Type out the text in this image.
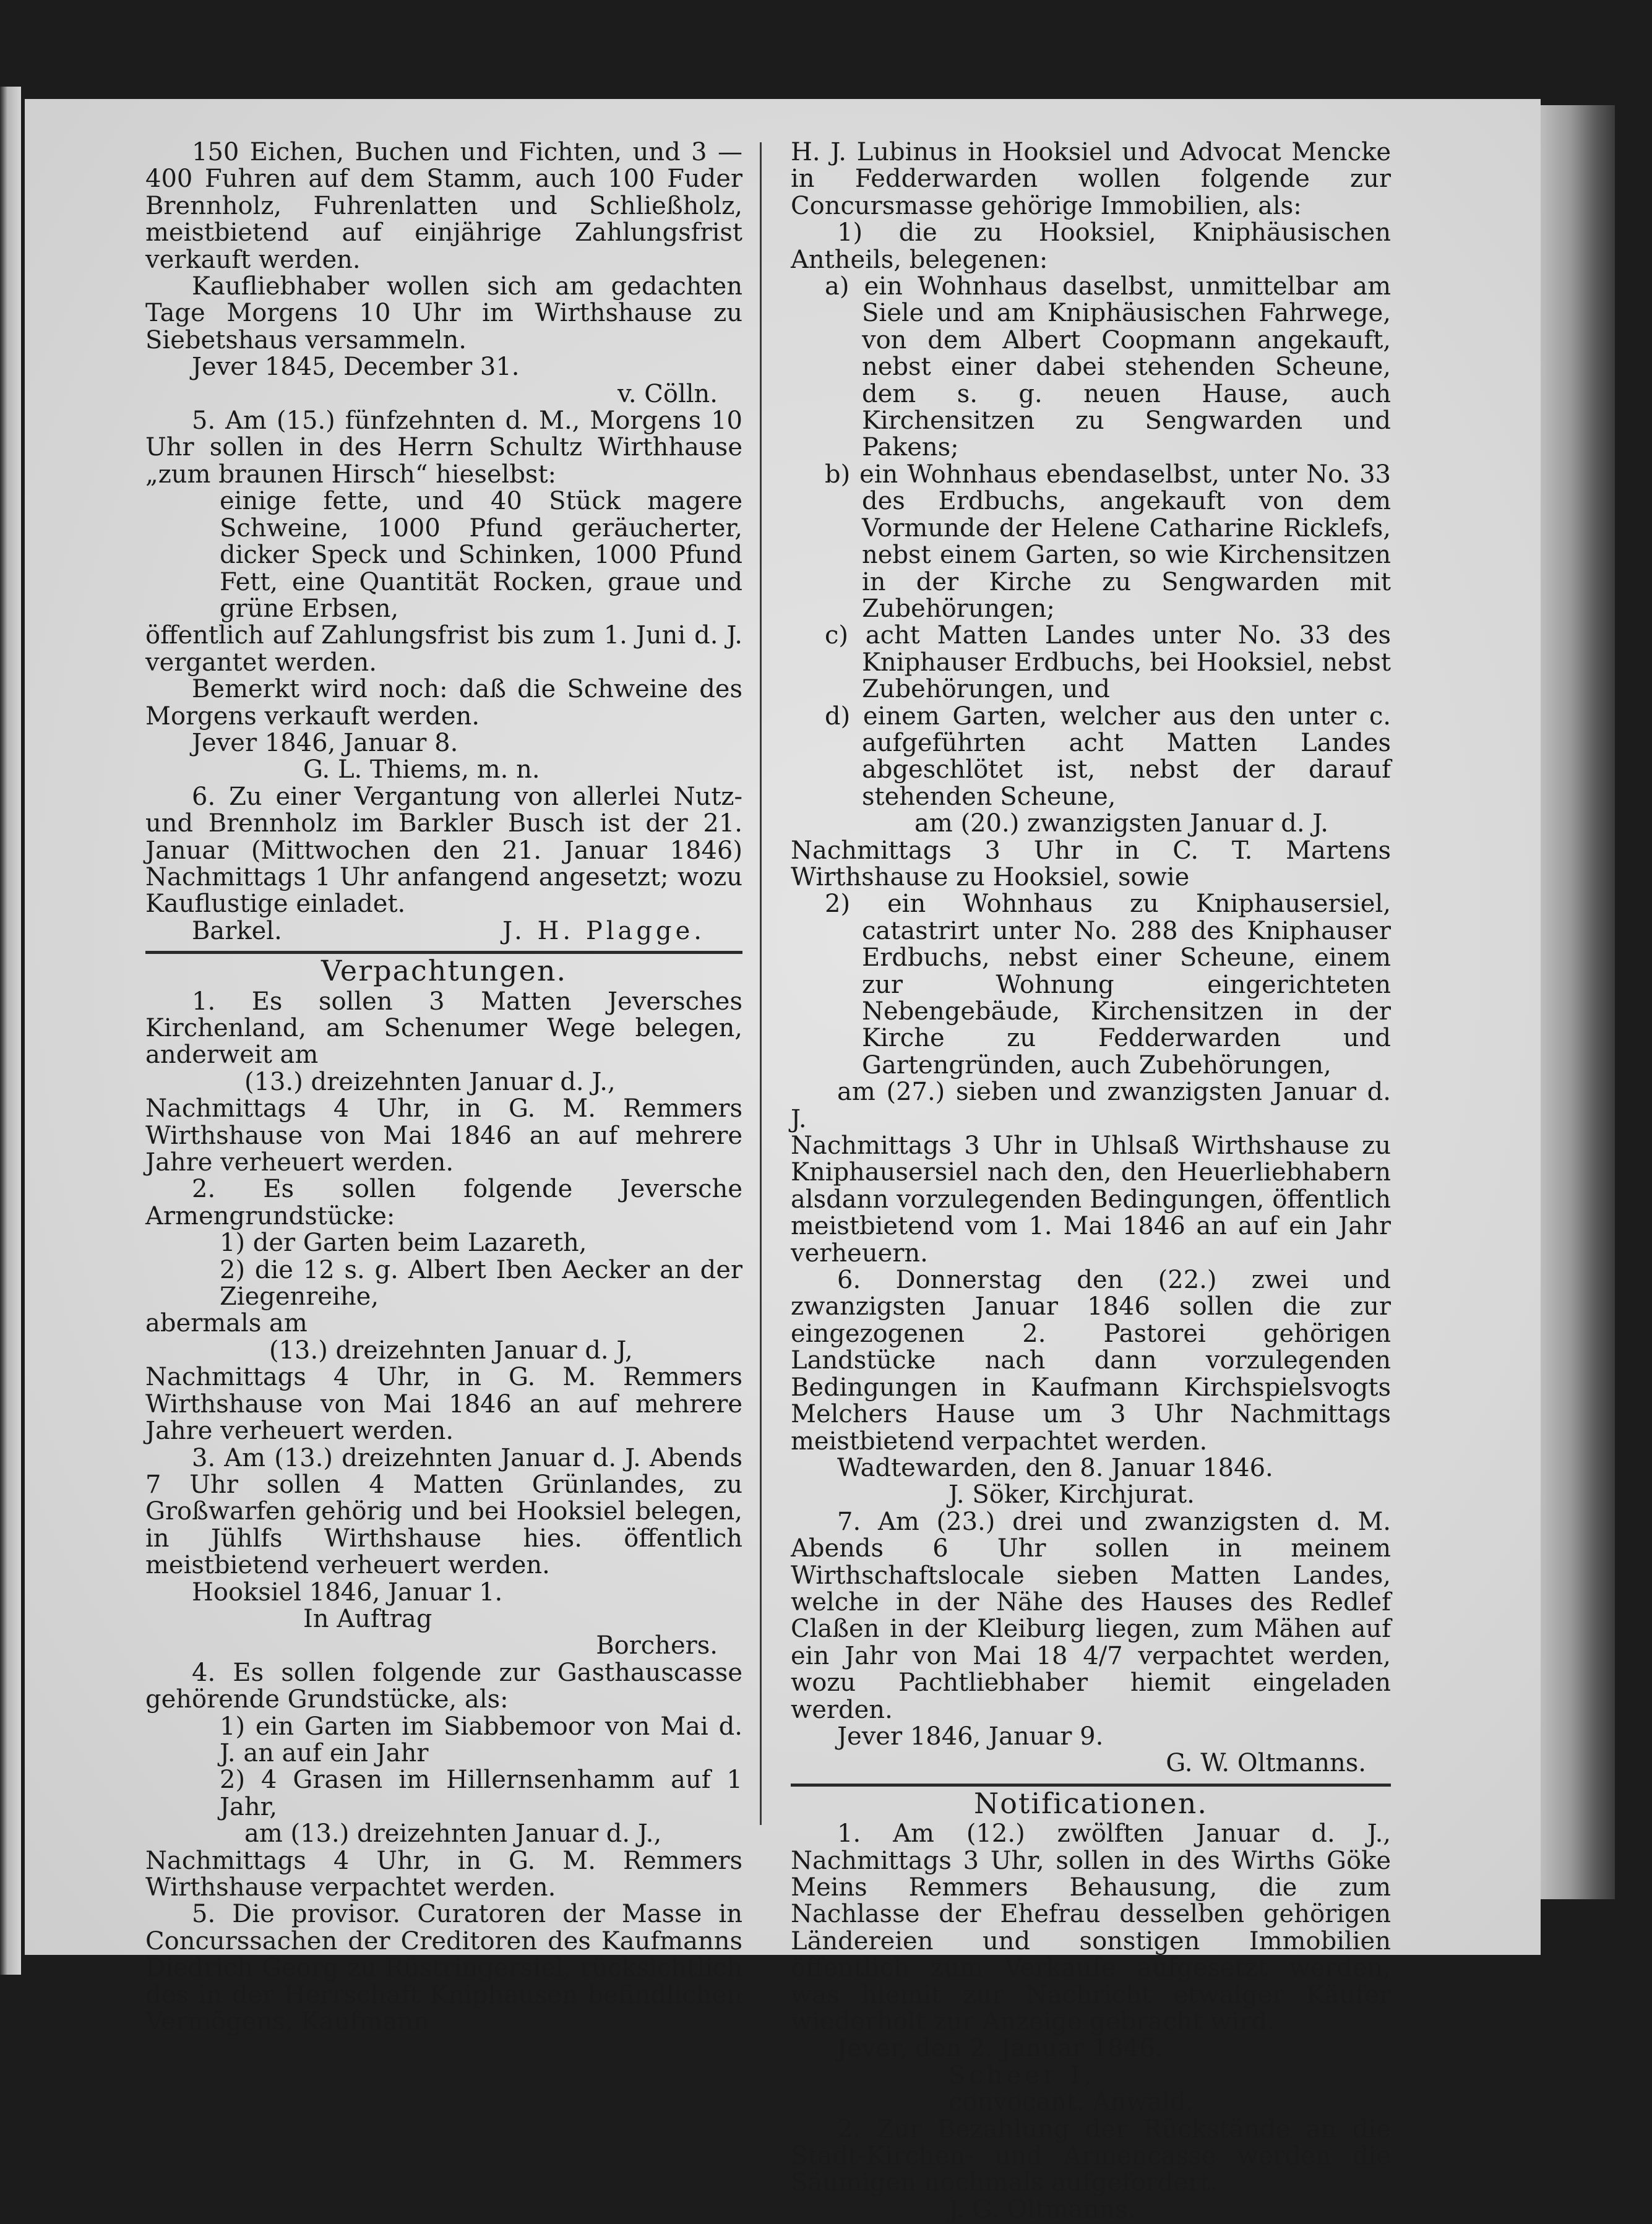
150 Eichen, Buchen und Fichten, und 3 — 400 Fuhren auf dem Stamm, auch 100 Fuder Brennholz, Fuhrenlatten und Schließholz, meistbietend auf einjährige Zahlungsfrist verkauft werden.

Kaufliebhaber wollen sich am gedachten Tage Morgens 10 Uhr im Wirthshause zu Siebetshaus versammeln.

Jever 1845, December 31.

v. Cölln.

5. Am (15.) fünfzehnten d. M., Morgens 10 Uhr sollen in des Herrn Schultz Wirthhause „zum braunen Hirsch“ hieselbst:

einige fette, und 40 Stück magere Schweine, 1000 Pfund geräucherter, dicker Speck und Schinken, 1000 Pfund Fett, eine Quantität Rocken, graue und grüne Erbsen,

öffentlich auf Zahlungsfrist bis zum 1. Juni d. J. vergantet werden.

Bemerkt wird noch: daß die Schweine des Morgens verkauft werden.

Jever 1846, Januar 8.

G. L. Thiems, m. n.

6. Zu einer Vergantung von allerlei Nutz- und Brennholz im Barkler Busch ist der 21. Januar (Mittwochen den 21. Januar 1846) Nachmittags 1 Uhr anfangend angesetzt; wozu Kauflustige einladet.

Barkel.	J. H. Plagge.

Verpachtungen.

1. Es sollen 3 Matten Jeversches Kirchenland, am Schenumer Wege belegen, anderweit am

(13.) dreizehnten Januar d. J.,

Nachmittags 4 Uhr, in G. M. Remmers Wirthshause von Mai 1846 an auf mehrere Jahre verheuert werden.

2. Es sollen folgende Jeversche Armengrundstücke:

1) der Garten beim Lazareth,

2) die 12 s. g. Albert Iben Aecker an der Ziegenreihe,

abermals am

(13.) dreizehnten Januar d. J,

Nachmittags 4 Uhr, in G. M. Remmers Wirthshause von Mai 1846 an auf mehrere Jahre verheuert werden.

3. Am (13.) dreizehnten Januar d. J. Abends 7 Uhr sollen 4 Matten Grünlandes, zu Großwarfen gehörig und bei Hooksiel belegen, in Jühlfs Wirthshause hies. öffentlich meistbietend verheuert werden.

Hooksiel 1846, Januar 1.

In Auftrag

Borchers.

4. Es sollen folgende zur Gasthauscasse gehörende Grundstücke, als:

1) ein Garten im Siabbemoor von Mai d. J. an auf ein Jahr

2) 4 Grasen im Hillernsenhamm auf 1 Jahr,

am (13.) dreizehnten Januar d. J.,

Nachmittags 4 Uhr, in G. M. Remmers Wirthshause verpachtet werden.

5. Die provisor. Curatoren der Masse in Concurssachen der Creditoren des Kaufmanns Diedrich Georg zu Rüstringersiel, rücksichtlich des in der Herrschaft Kniphausen befindlichen Vermögens, Kaufmann

H. J. Lubinus in Hooksiel und Advocat Mencke in Fedderwarden wollen folgende zur Concursmasse gehörige Immobilien, als:

1) die zu Hooksiel, Kniphäusischen Antheils, belegenen:

a) ein Wohnhaus daselbst, unmittelbar am Siele und am Kniphäusischen Fahrwege, von dem Albert Coopmann angekauft, nebst einer dabei stehenden Scheune, dem s. g. neuen Hause, auch Kirchensitzen zu Sengwarden und Pakens;

b) ein Wohnhaus ebendaselbst, unter No. 33 des Erdbuchs, angekauft von dem Vormunde der Helene Catharine Ricklefs, nebst einem Garten, so wie Kirchensitzen in der Kirche zu Sengwarden mit Zubehörungen;

c) acht Matten Landes unter No. 33 des Kniphauser Erdbuchs, bei Hooksiel, nebst Zubehörungen, und

d) einem Garten, welcher aus den unter c. aufgeführten acht Matten Landes abgeschlötet ist, nebst der darauf stehenden Scheune,

am (20.) zwanzigsten Januar d. J.

Nachmittags 3 Uhr in C. T. Martens Wirthshause zu Hooksiel, sowie

2) ein Wohnhaus zu Kniphausersiel, catastrirt unter No. 288 des Kniphauser Erdbuchs, nebst einer Scheune, einem zur Wohnung eingerichteten Nebengebäude, Kirchensitzen in der Kirche zu Fedderwarden und Gartengründen, auch Zubehörungen,

am (27.) sieben und zwanzigsten Januar d. J.

Nachmittags 3 Uhr in Uhlsaß Wirthshause zu Kniphausersiel nach den, den Heuerliebhabern alsdann vorzulegenden Bedingungen, öffentlich meistbietend vom 1. Mai 1846 an auf ein Jahr verheuern.

6. Donnerstag den (22.) zwei und zwanzigsten Januar 1846 sollen die zur eingezogenen 2. Pastorei gehörigen Landstücke nach dann vorzulegenden Bedingungen in Kaufmann Kirchspielsvogts Melchers Hause um 3 Uhr Nachmittags meistbietend verpachtet werden.

Wadtewarden, den 8. Januar 1846.

J. Söker, Kirchjurat.

7. Am (23.) drei und zwanzigsten d. M. Abends 6 Uhr sollen in meinem Wirthschaftslocale sieben Matten Landes, welche in der Nähe des Hauses des Redlef Claßen in der Kleiburg liegen, zum Mähen auf ein Jahr von Mai 18 4/7 verpachtet werden, wozu Pachtliebhaber hiemit eingeladen werden.

Jever 1846, Januar 9.

G. W. Oltmanns.

Notificationen.

1. Am (12.) zwölften Januar d. J., Nachmittags 3 Uhr, sollen in des Wirths Göke Meins Remmers Behausung, die zum Nachlasse der Ehefrau desselben gehörigen Ländereien und sonstigen Immobilien öffentlich zum Verkaufe aufgesetzt werden, was hiemit zur Nachricht etwaiger Käufer wiederholt zur Anzeige gebracht wird.

Jever, den 2. Januar 1846.

Scheer I,

convocant. Anwald.

2. Zur Bezahlung der Rückstände an die Stadt-Kirchen- und Armencasse werden die Säumigen nochmals aufgefordert.

J. G. Oltmanns.
